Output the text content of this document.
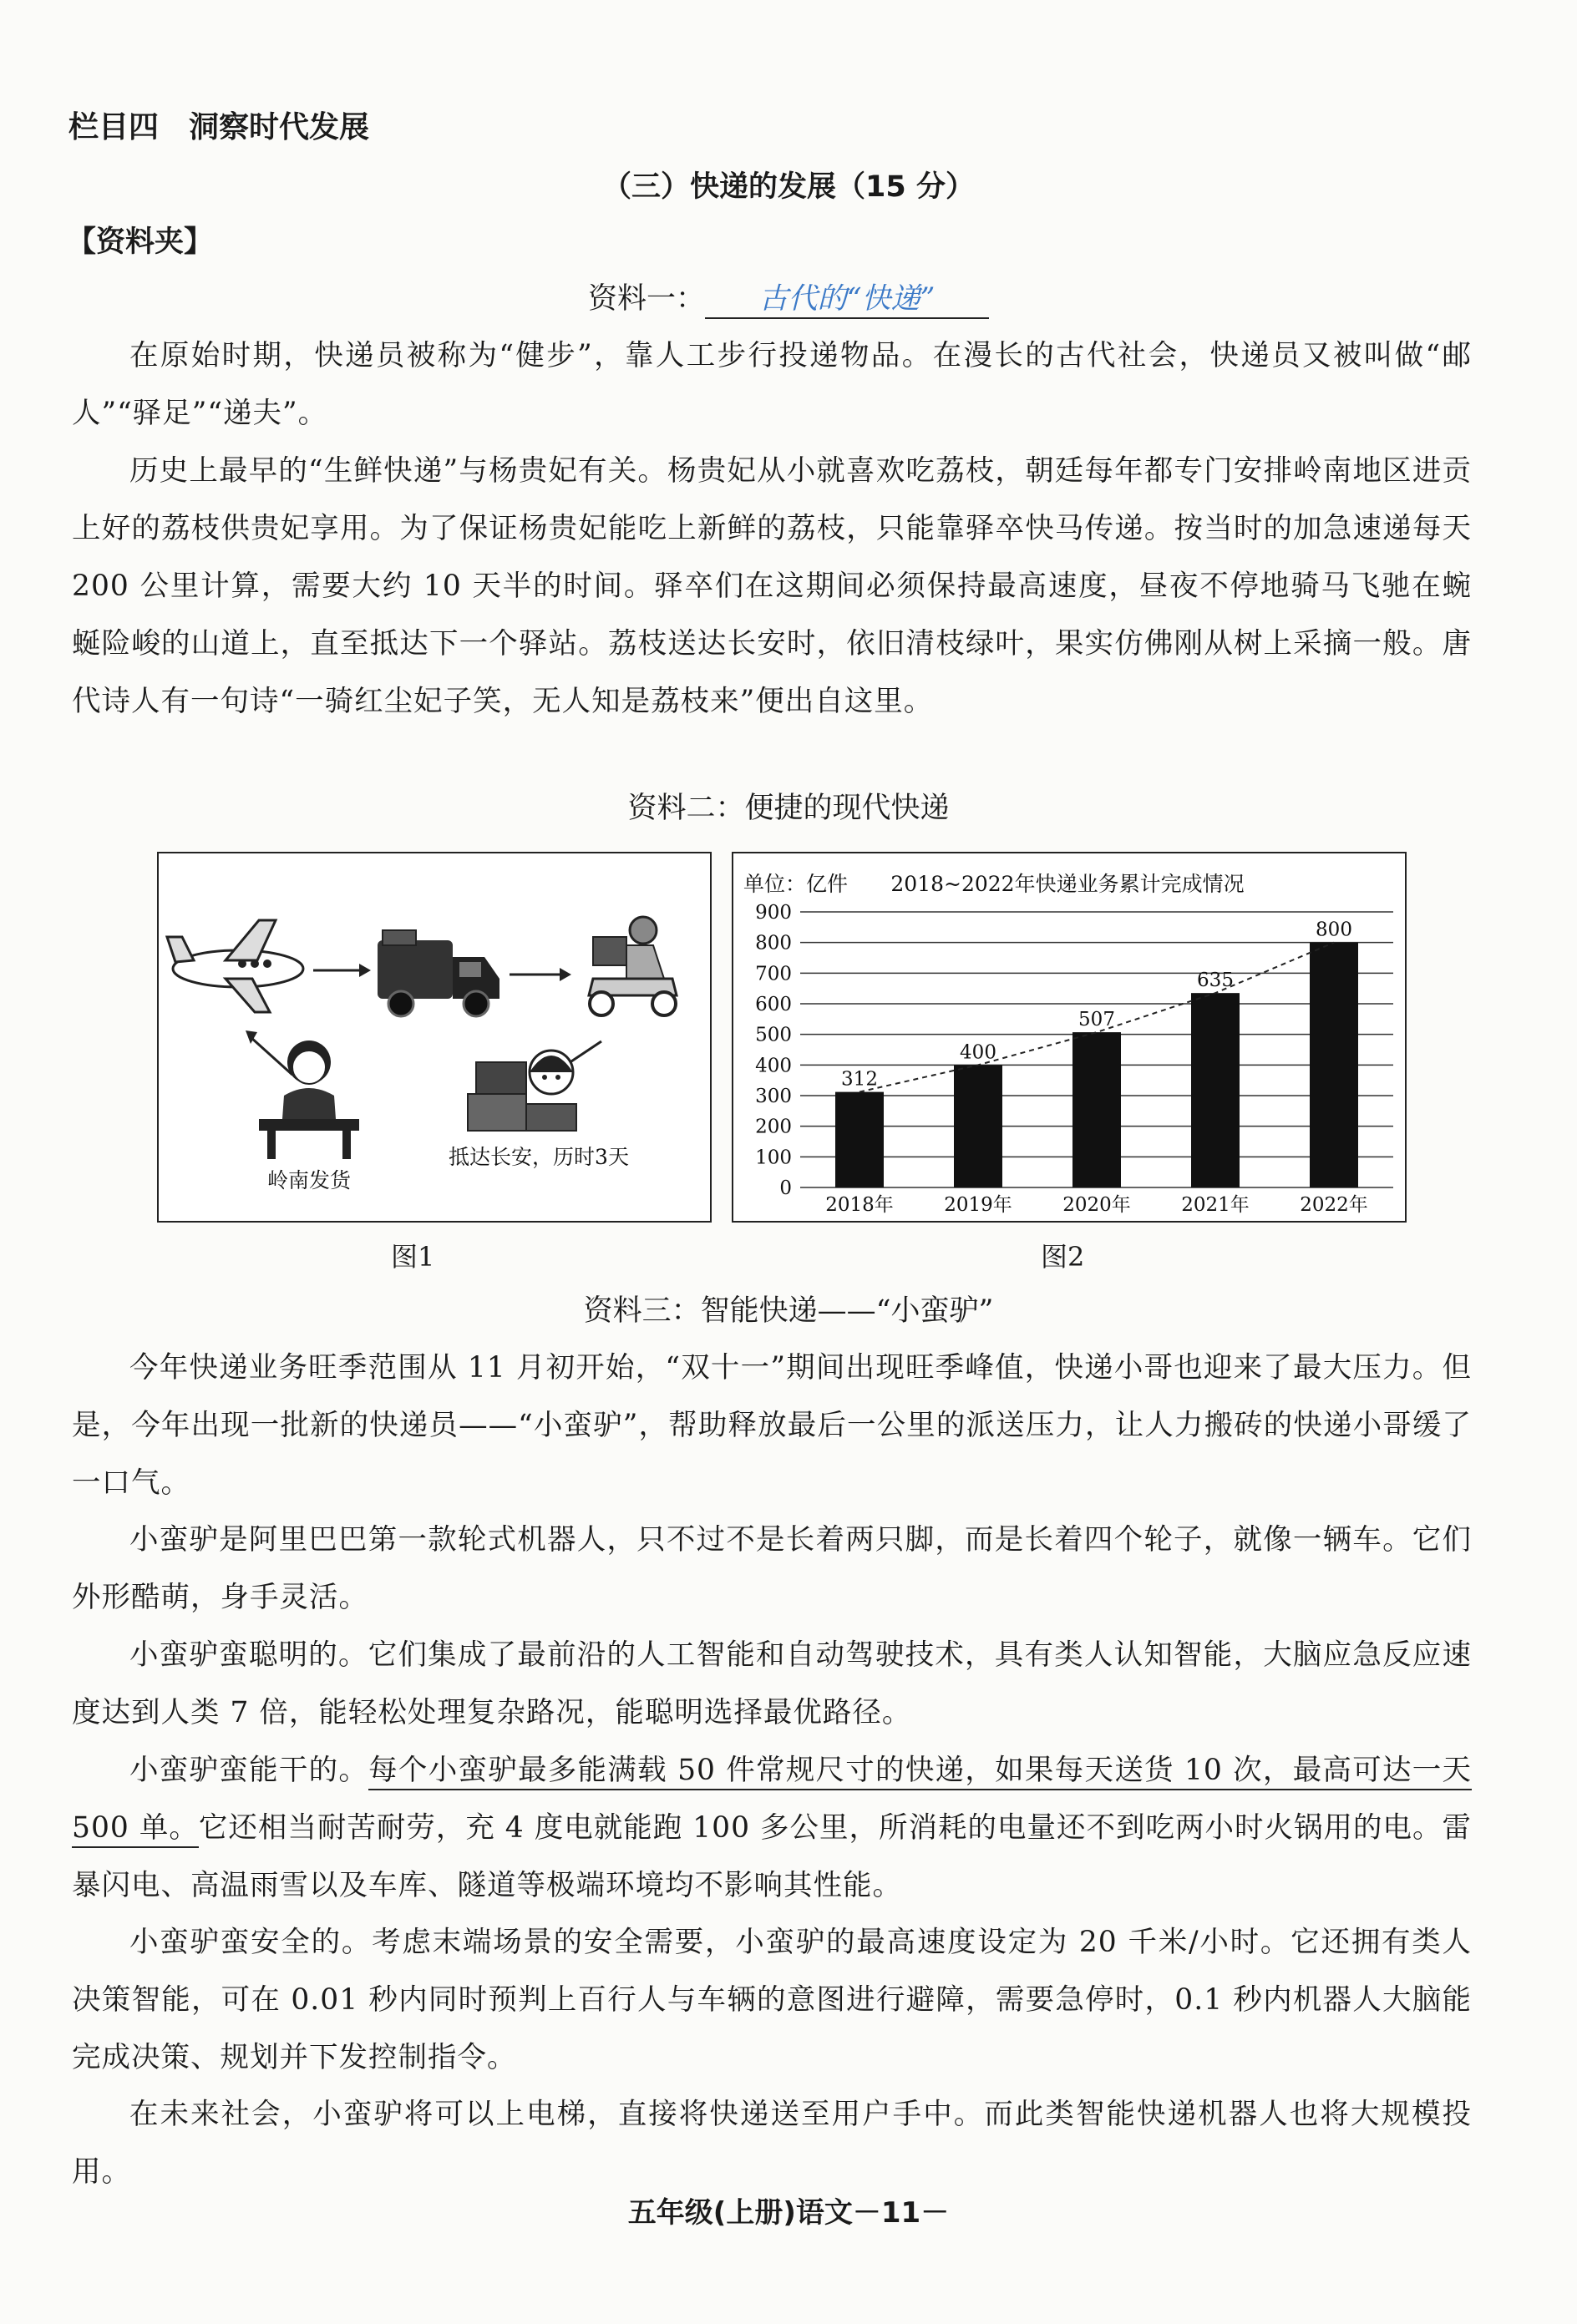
栏目四 洞察时代发展
（三）快递的发展（15 分）
【资料夹】
资料一： 古代的“快递”
在原始时期，快递员被称为“健步”，靠人工步行投递物品。在漫长的古代社会，快递员又被叫做“邮人”“驿足”“递夫”。
历史上最早的“生鲜快递”与杨贵妃有关。杨贵妃从小就喜欢吃荔枝，朝廷每年都专门安排岭南地区进贡上好的荔枝供贵妃享用。为了保证杨贵妃能吃上新鲜的荔枝，只能靠驿卒快马传递。按当时的加急速递每天 200 公里计算，需要大约 10 天半的时间。驿卒们在这期间必须保持最高速度，昼夜不停地骑马飞驰在蜿蜒险峻的山道上，直至抵达下一个驿站。荔枝送达长安时，依旧清枝绿叶，果实仿佛刚从树上采摘一般。唐代诗人有一句诗“一骑红尘妃子笑，无人知是荔枝来”便出自这里。
资料二：便捷的现代快递
岭南发货
抵达长安，历时3天
单位：亿件 2018~2022年快递业务累计完成情况
0
100
200
300
400
500
600
700
800
900
312
400
507
635
800
2018年	2019年	2020年	2021年	2022年
图1	图2
资料三：智能快递——“小蛮驴”
今年快递业务旺季范围从 11 月初开始，“双十一”期间出现旺季峰值，快递小哥也迎来了最大压力。但是，今年出现一批新的快递员——“小蛮驴”，帮助释放最后一公里的派送压力，让人力搬砖的快递小哥缓了一口气。
小蛮驴是阿里巴巴第一款轮式机器人，只不过不是长着两只脚，而是长着四个轮子，就像一辆车。它们外形酷萌，身手灵活。
小蛮驴蛮聪明的。它们集成了最前沿的人工智能和自动驾驶技术，具有类人认知智能，大脑应急反应速度达到人类 7 倍，能轻松处理复杂路况，能聪明选择最优路径。
小蛮驴蛮能干的。每个小蛮驴最多能满载 50 件常规尺寸的快递，如果每天送货 10 次，最高可达一天 500 单。它还相当耐苦耐劳，充 4 度电就能跑 100 多公里，所消耗的电量还不到吃两小时火锅用的电。雷暴闪电、高温雨雪以及车库、隧道等极端环境均不影响其性能。
小蛮驴蛮安全的。考虑末端场景的安全需要，小蛮驴的最高速度设定为 20 千米/小时。它还拥有类人决策智能，可在 0.01 秒内同时预判上百行人与车辆的意图进行避障，需要急停时，0.1 秒内机器人大脑能完成决策、规划并下发控制指令。
在未来社会，小蛮驴将可以上电梯，直接将快递送至用户手中。而此类智能快递机器人也将大规模投用。
五年级(上册)语文－11－
